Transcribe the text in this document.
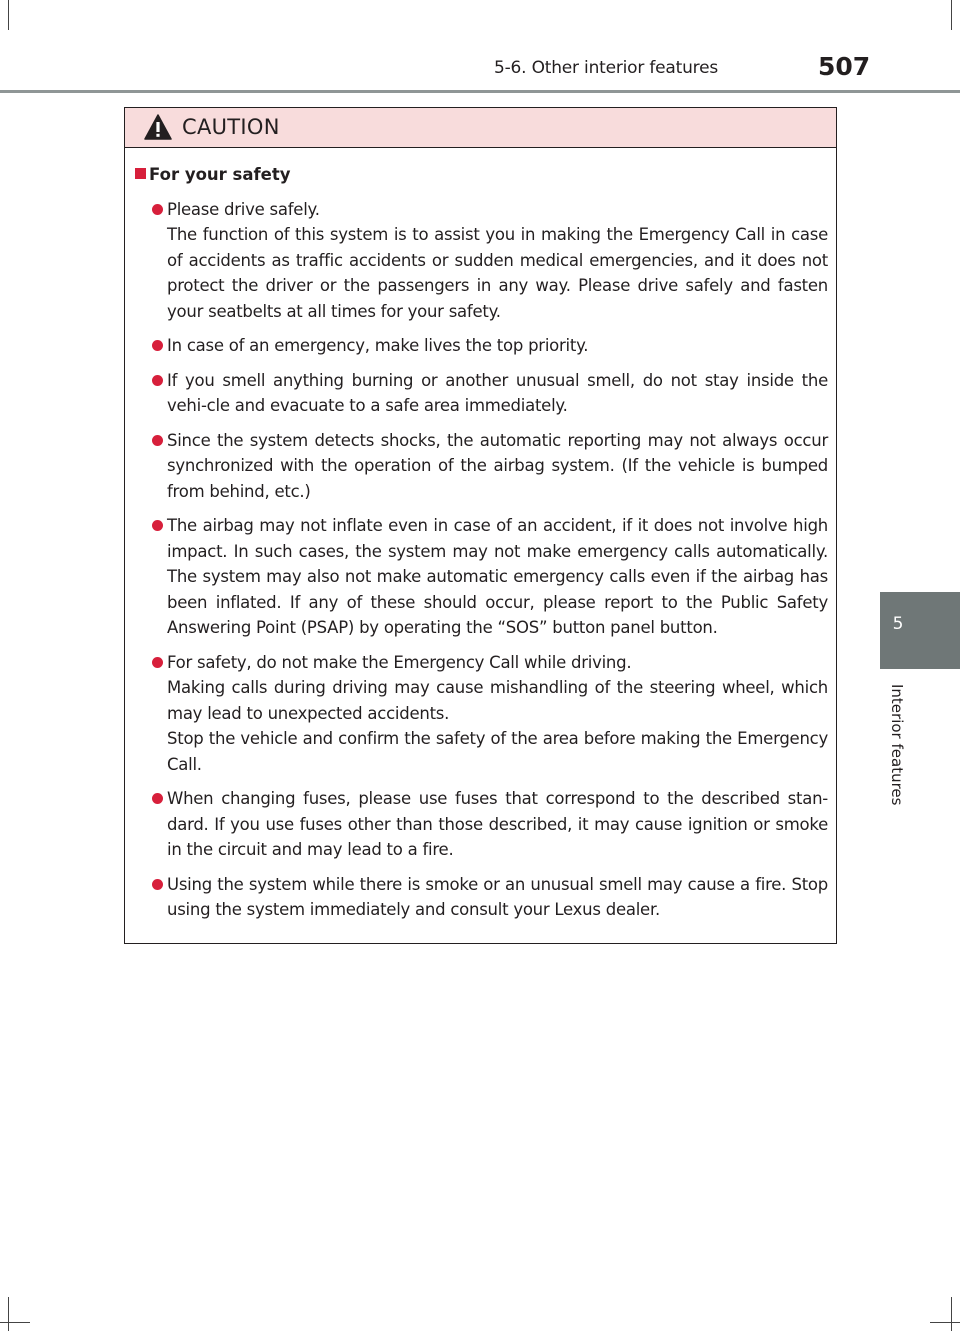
5-6. Other interior features	507
5
Interior features
CAUTION
For your safety
Please drive safely.
The function of this system is to assist you in making the Emergency Call in case of accidents as traffic accidents or sudden medical emergencies, and it does not protect the driver or the passengers in any way. Please drive safely and fasten your seatbelts at all times for your safety.
In case of an emergency, make lives the top priority.
If you smell anything burning or another unusual smell, do not stay inside the vehi-cle and evacuate to a safe area immediately.
Since the system detects shocks, the automatic reporting may not always occur synchronized with the operation of the airbag system. (If the vehicle is bumped from behind, etc.)
The airbag may not inflate even in case of an accident, if it does not involve high impact. In such cases, the system may not make emergency calls automatically. The system may also not make automatic emergency calls even if the airbag has been inflated. If any of these should occur, please report to the Public Safety Answering Point (PSAP) by operating the “SOS” button panel button.
For safety, do not make the Emergency Call while driving.
Making calls during driving may cause mishandling of the steering wheel, which may lead to unexpected accidents.
Stop the vehicle and confirm the safety of the area before making the Emergency Call.
When changing fuses, please use fuses that correspond to the described stan-dard. If you use fuses other than those described, it may cause ignition or smoke in the circuit and may lead to a fire.
Using the system while there is smoke or an unusual smell may cause a fire. Stop using the system immediately and consult your Lexus dealer.
